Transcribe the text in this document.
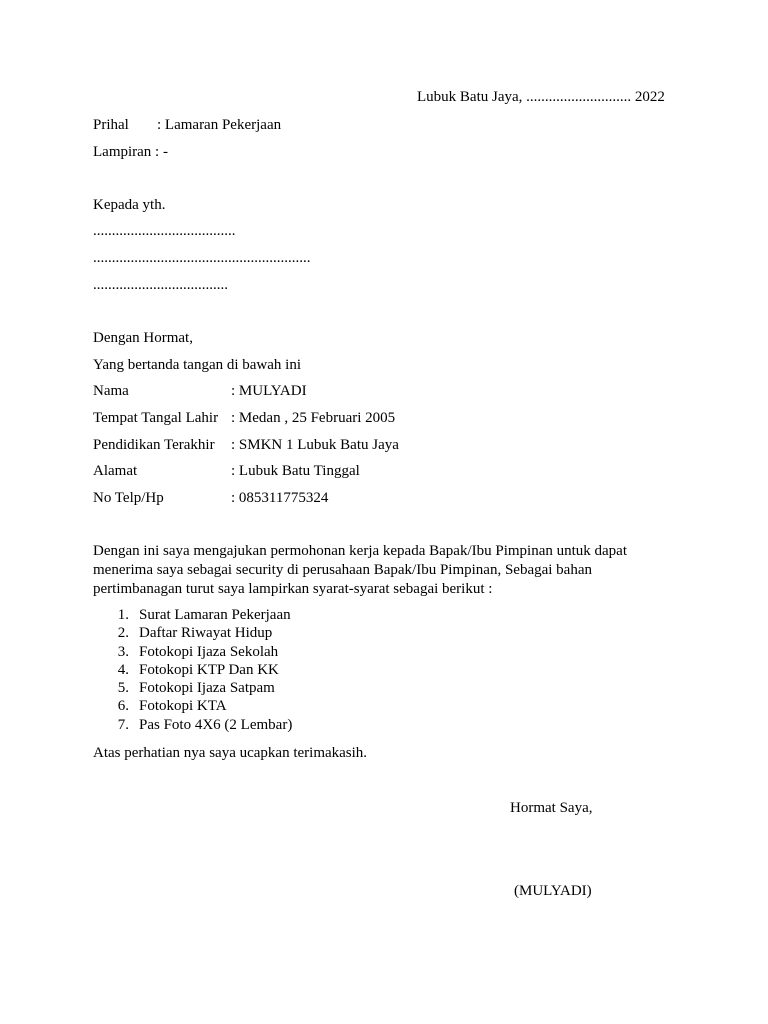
Lubuk Batu Jaya, ............................ 2022
Prihal : Lamaran Pekerjaan
Lampiran : -
Kepada yth.
......................................
..........................................................
....................................
Dengan Hormat,
Yang bertanda tangan di bawah ini
Nama	: MULYADI
Tempat Tangal Lahir : Medan , 25 Februari 2005
Pendidikan Terakhir : SMKN 1 Lubuk Batu Jaya
Alamat	: Lubuk Batu Tinggal
No Telp/Hp	: 085311775324
Dengan ini saya mengajukan permohonan kerja kepada Bapak/Ibu Pimpinan untuk dapat menerima saya sebagai security di perusahaan Bapak/Ibu Pimpinan, Sebagai bahan pertimbanagan turut saya lampirkan syarat-syarat sebagai berikut :
1. Surat Lamaran Pekerjaan
2. Daftar Riwayat Hidup
3. Fotokopi Ijaza Sekolah
4. Fotokopi KTP Dan KK
5. Fotokopi Ijaza Satpam
6. Fotokopi KTA
7. Pas Foto 4X6 (2 Lembar)
Atas perhatian nya saya ucapkan terimakasih.
Hormat Saya,
(MULYADI)
